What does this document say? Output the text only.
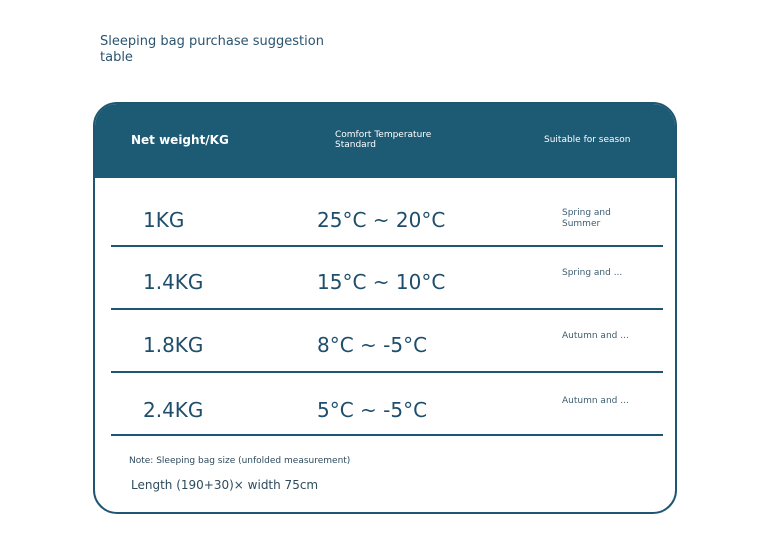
Sleeping bag purchase suggestion table
Net weight/KG	Comfort Temperature Standard	Suitable for season
1KG	25°C ~ 20°C	Spring and Summer
1.4KG	15°C ~ 10°C	Spring and ...
1.8KG	8°C ~ -5°C	Autumn and ...
2.4KG	5°C ~ -5°C	Autumn and ...
Note: Sleeping bag size (unfolded measurement)
Length (190+30)× width 75cm
